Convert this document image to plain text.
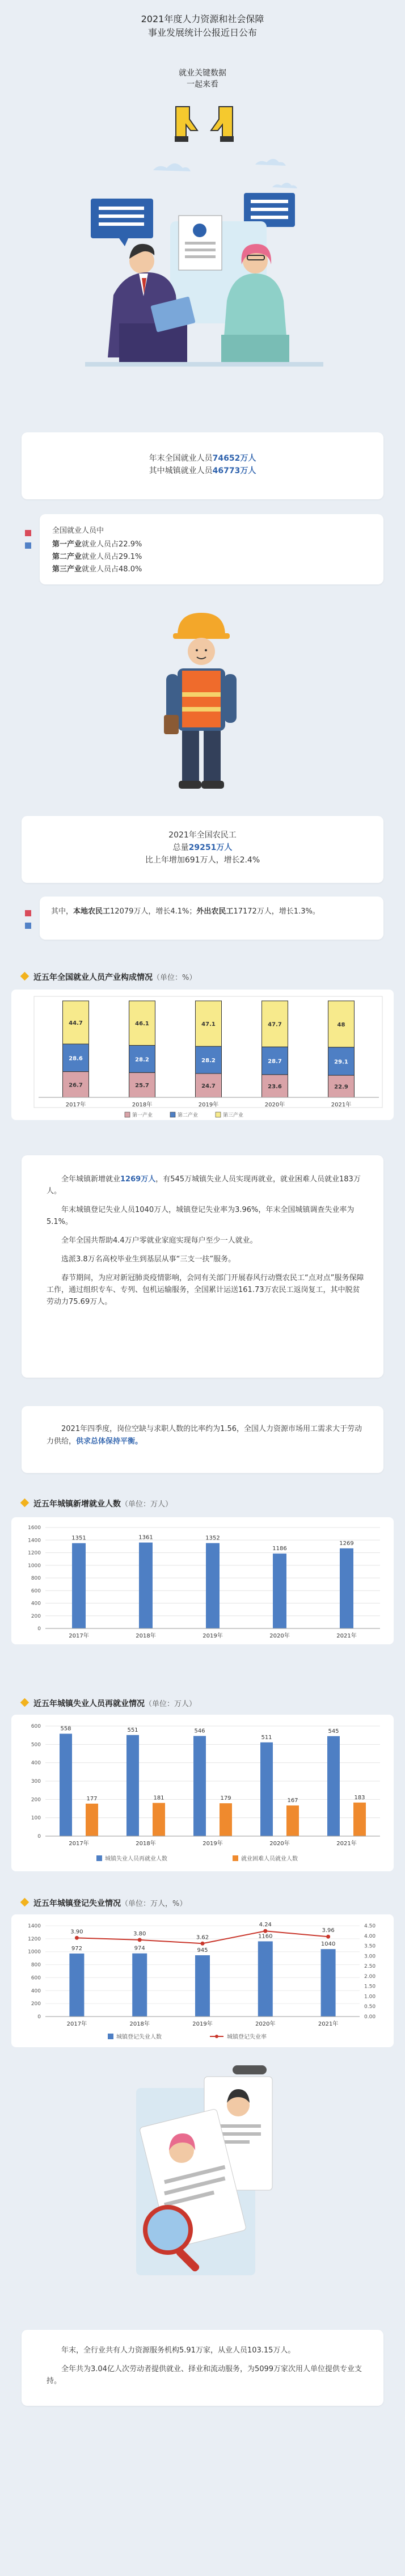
2021年度人力资源和社会保障
事业发展统计公报近日公布
就业关键数据
一起来看
年末全国就业人员74652万人
其中城镇就业人员46773万人
全国就业人员中
第一产业就业人员占22.9%
第二产业就业人员占29.1%
第三产业就业人员占48.0%
2021年全国农民工
总量29251万人
比上年增加691万人，增长2.4%
其中，本地农民工12079万人，增长4.1%；外出农民工17172万人，增长1.3%。
近五年全国就业人员产业构成情况（单位：%）
26.7
28.6
44.7
2017年
25.7
28.2
46.1
2018年
24.7
28.2
47.1
2019年
23.6
28.7
47.7
2020年
22.9
29.1
48
2021年
第一产业	第二产业	第三产业

全年城镇新增就业1269万人，有545万城镇失业人员实现再就业，就业困难人员就业183万人。

年末城镇登记失业人员1040万人，城镇登记失业率为3.96%，年末全国城镇调查失业率为5.1%。

全年全国共帮助4.4万户零就业家庭实现每户至少一人就业。

选派3.8万名高校毕业生到基层从事“三支一扶”服务。

春节期间，为应对新冠肺炎疫情影响，会同有关部门开展春风行动暨农民工“点对点”服务保障工作，通过组织专车、专列、包机运输服务，全国累计运送161.73万农民工返岗复工，其中脱贫劳动力75.69万人。

2021年四季度，岗位空缺与求职人数的比率约为1.56，全国人力资源市场用工需求大于劳动力供给，供求总体保持平衡。
近五年城镇新增就业人数（单位：万人）
0
200
400
600
800
1000
1200
1400
1600
1351
2017年
1361
2018年
1352
2019年
1186
2020年
1269
2021年
近五年城镇失业人员再就业情况（单位：万人）
0
100
200
300
400
500
600	558
177
2017年
551
181
2018年
546
179
2019年
511
167
2020年
545
183
2021年
城镇失业人员再就业人数	就业困难人员就业人数
近五年城镇登记失业情况（单位：万人，%）
0
200
400
600
800
1000
1200
1400
0.00
0.50
1.00
1.50
2.00
2.50
3.00
3.50
4.00
4.50
972
2017年
974
2018年
945
2019年
1160
2020年
1040
2021年
3.90	3.80
3.62
4.24
3.96
城镇登记失业人数	城镇登记失业率

年末，全行业共有人力资源服务机构5.91万家，从业人员103.15万人。

全年共为3.04亿人次劳动者提供就业、择业和流动服务，为5099万家次用人单位提供专业支持。
